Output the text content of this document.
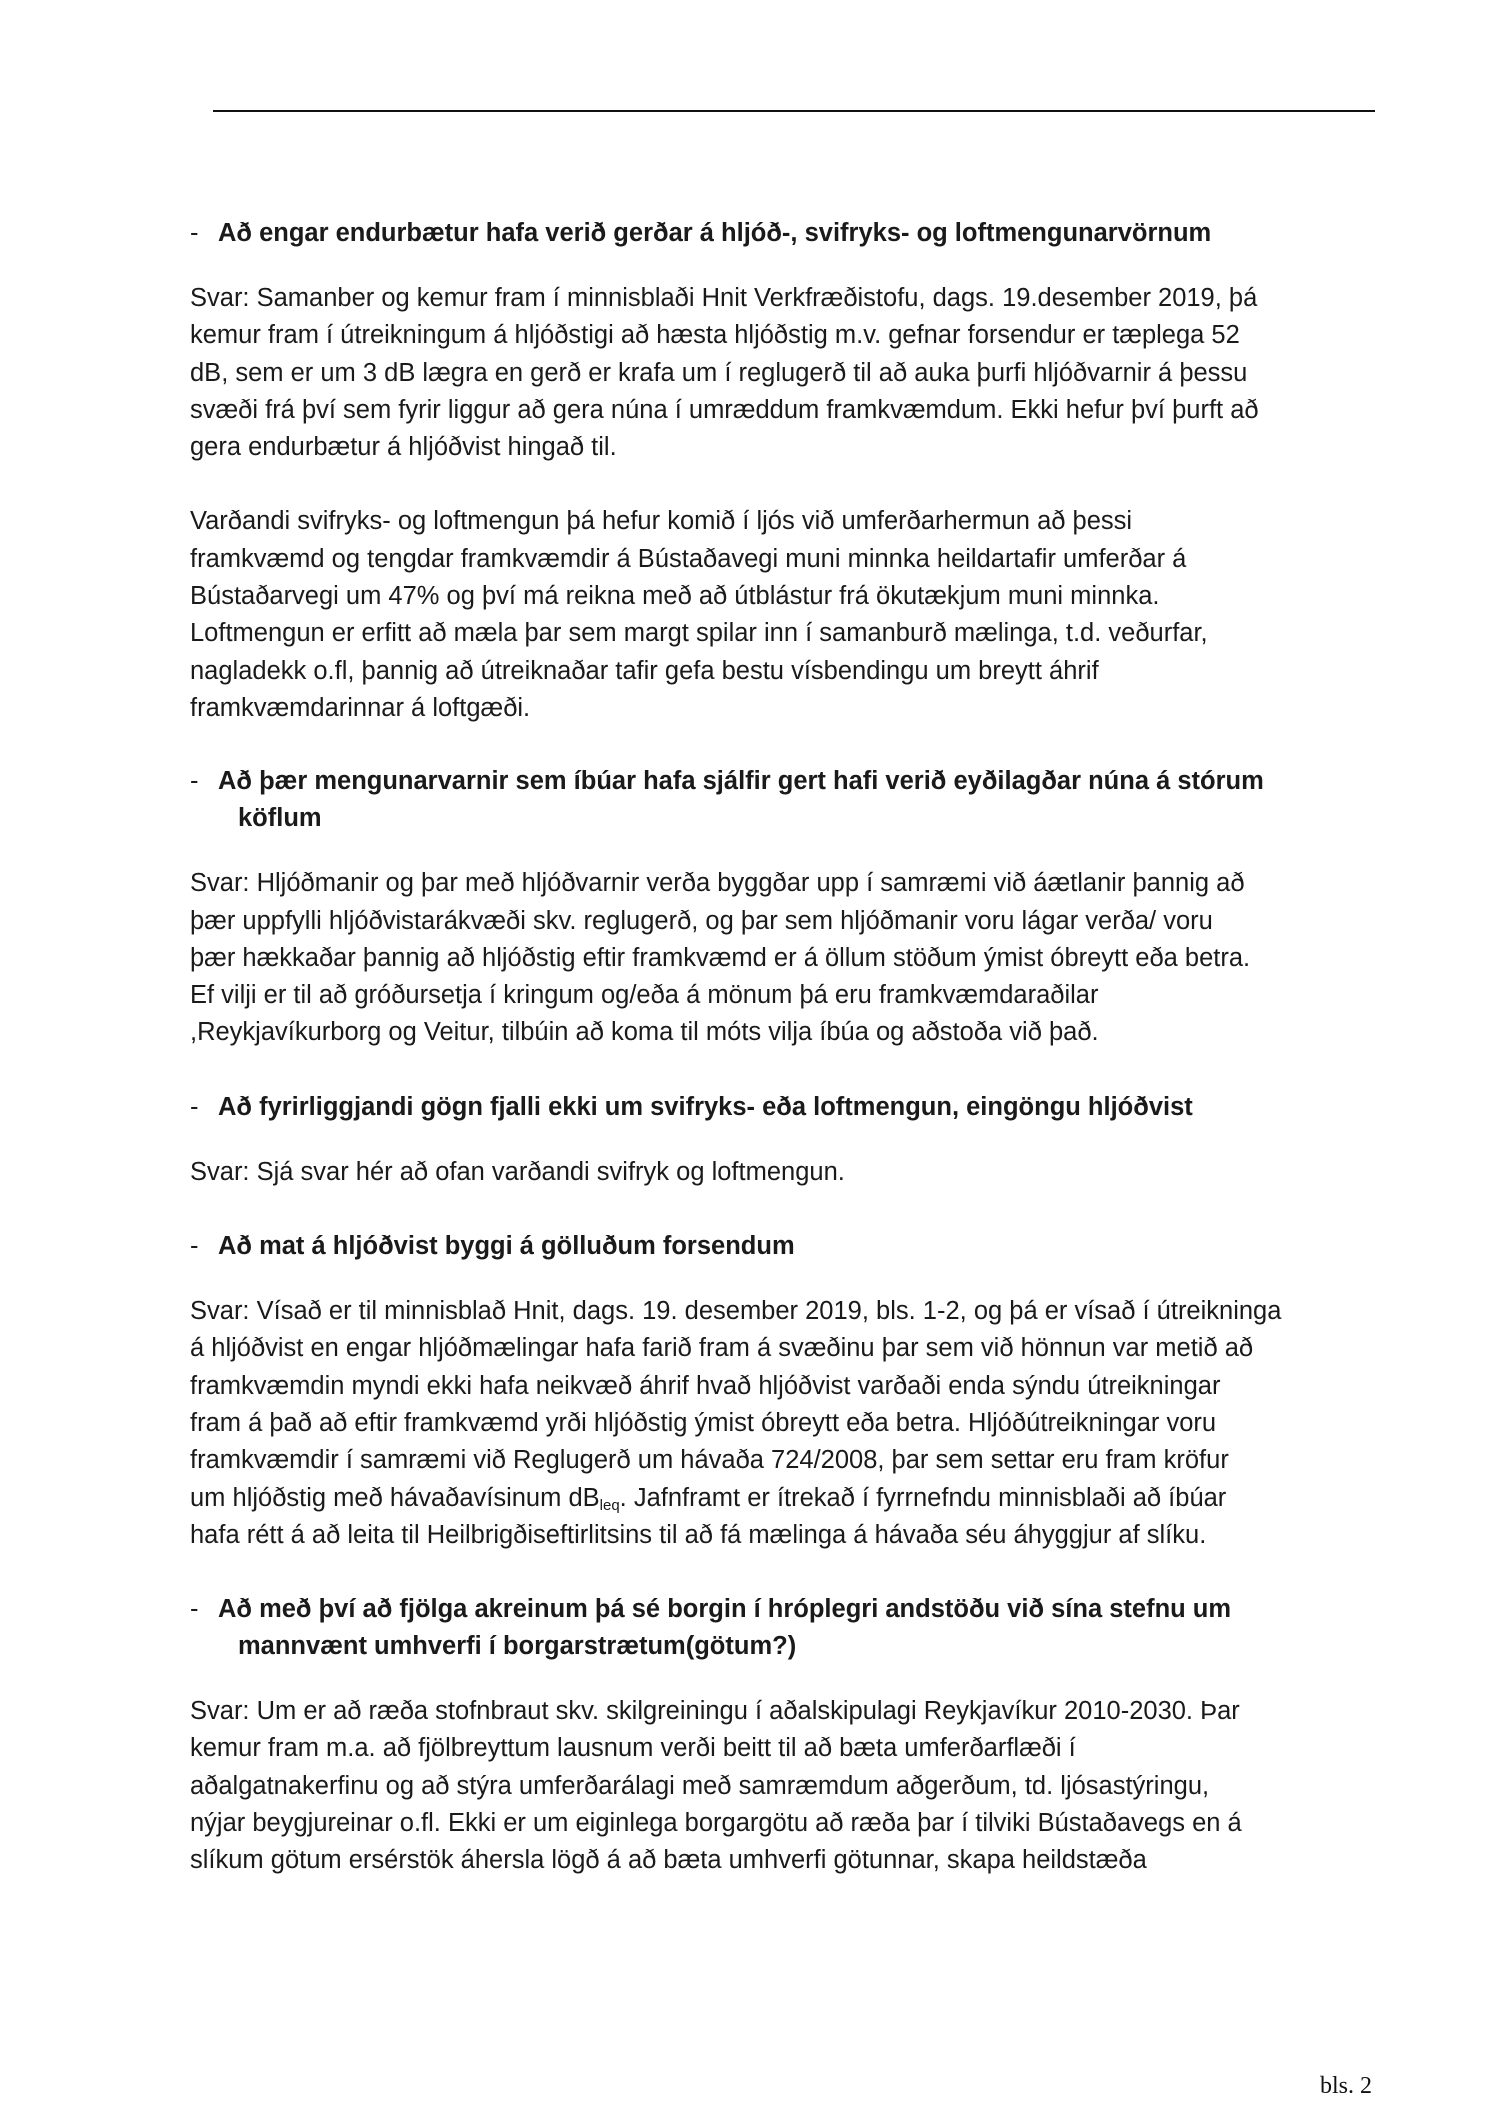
- Að engar endurbætur hafa verið gerðar á hljóð-, svifryks- og loftmengunarvörnum
Svar: Samanber og kemur fram í minnisblaði Hnit Verkfræðistofu, dags. 19.desember 2019, þá
kemur fram í útreikningum á hljóðstigi að hæsta hljóðstig m.v. gefnar forsendur er tæplega 52
dB, sem er um 3 dB lægra en gerð er krafa um í reglugerð til að auka þurfi hljóðvarnir á þessu
svæði frá því sem fyrir liggur að gera núna í umræddum framkvæmdum. Ekki hefur því þurft að
gera endurbætur á hljóðvist hingað til.
Varðandi svifryks- og loftmengun þá hefur komið í ljós við umferðarhermun að þessi
framkvæmd og tengdar framkvæmdir á Bústaðavegi muni minnka heildartafir umferðar á
Bústaðarvegi um 47% og því má reikna með að útblástur frá ökutækjum muni minnka.
Loftmengun er erfitt að mæla þar sem margt spilar inn í samanburð mælinga, t.d. veðurfar,
nagladekk o.fl, þannig að útreiknaðar tafir gefa bestu vísbendingu um breytt áhrif
framkvæmdarinnar á loftgæði.
- Að þær mengunarvarnir sem íbúar hafa sjálfir gert hafi verið eyðilagðar núna á stórum
köflum
Svar: Hljóðmanir og þar með hljóðvarnir verða byggðar upp í samræmi við áætlanir þannig að
þær uppfylli hljóðvistarákvæði skv. reglugerð, og þar sem hljóðmanir voru lágar verða/ voru
þær hækkaðar þannig að hljóðstig eftir framkvæmd er á öllum stöðum ýmist óbreytt eða betra.
Ef vilji er til að gróðursetja í kringum og/eða á mönum þá eru framkvæmdaraðilar
,Reykjavíkurborg og Veitur, tilbúin að koma til móts vilja íbúa og aðstoða við það.
- Að fyrirliggjandi gögn fjalli ekki um svifryks- eða loftmengun, eingöngu hljóðvist
Svar: Sjá svar hér að ofan varðandi svifryk og loftmengun.
- Að mat á hljóðvist byggi á gölluðum forsendum
Svar: Vísað er til minnisblað Hnit, dags. 19. desember 2019, bls. 1-2, og þá er vísað í útreikninga
á hljóðvist en engar hljóðmælingar hafa farið fram á svæðinu þar sem við hönnun var metið að
framkvæmdin myndi ekki hafa neikvæð áhrif hvað hljóðvist varðaði enda sýndu útreikningar
fram á það að eftir framkvæmd yrði hljóðstig ýmist óbreytt eða betra. Hljóðútreikningar voru
framkvæmdir í samræmi við Reglugerð um hávaða 724/2008, þar sem settar eru fram kröfur
um hljóðstig með hávaðavísinum $dB_{leq}$. Jafnframt er ítrekað í fyrrnefndu minnisblaði að íbúar
hafa rétt á að leita til Heilbrigðiseftirlitsins til að fá mælinga á hávaða séu áhyggjur af slíku.
- Að með því að fjölga akreinum þá sé borgin í hróplegri andstöðu við sína stefnu um
mannvænt umhverfi í borgarstrætum(götum?)
Svar: Um er að ræða stofnbraut skv. skilgreiningu í aðalskipulagi Reykjavíkur 2010-2030. Þar
kemur fram m.a. að fjölbreyttum lausnum verði beitt til að bæta umferðarflæði í
aðalgatnakerfinu og að stýra umferðarálagi með samræmdum aðgerðum, td. ljósastýringu,
nýjar beygjureinar o.fl. Ekki er um eiginlega borgargötu að ræða þar í tilviki Bústaðavegs en á
slíkum götum ersérstök áhersla lögð á að bæta umhverfi götunnar, skapa heildstæða
bls. 2
